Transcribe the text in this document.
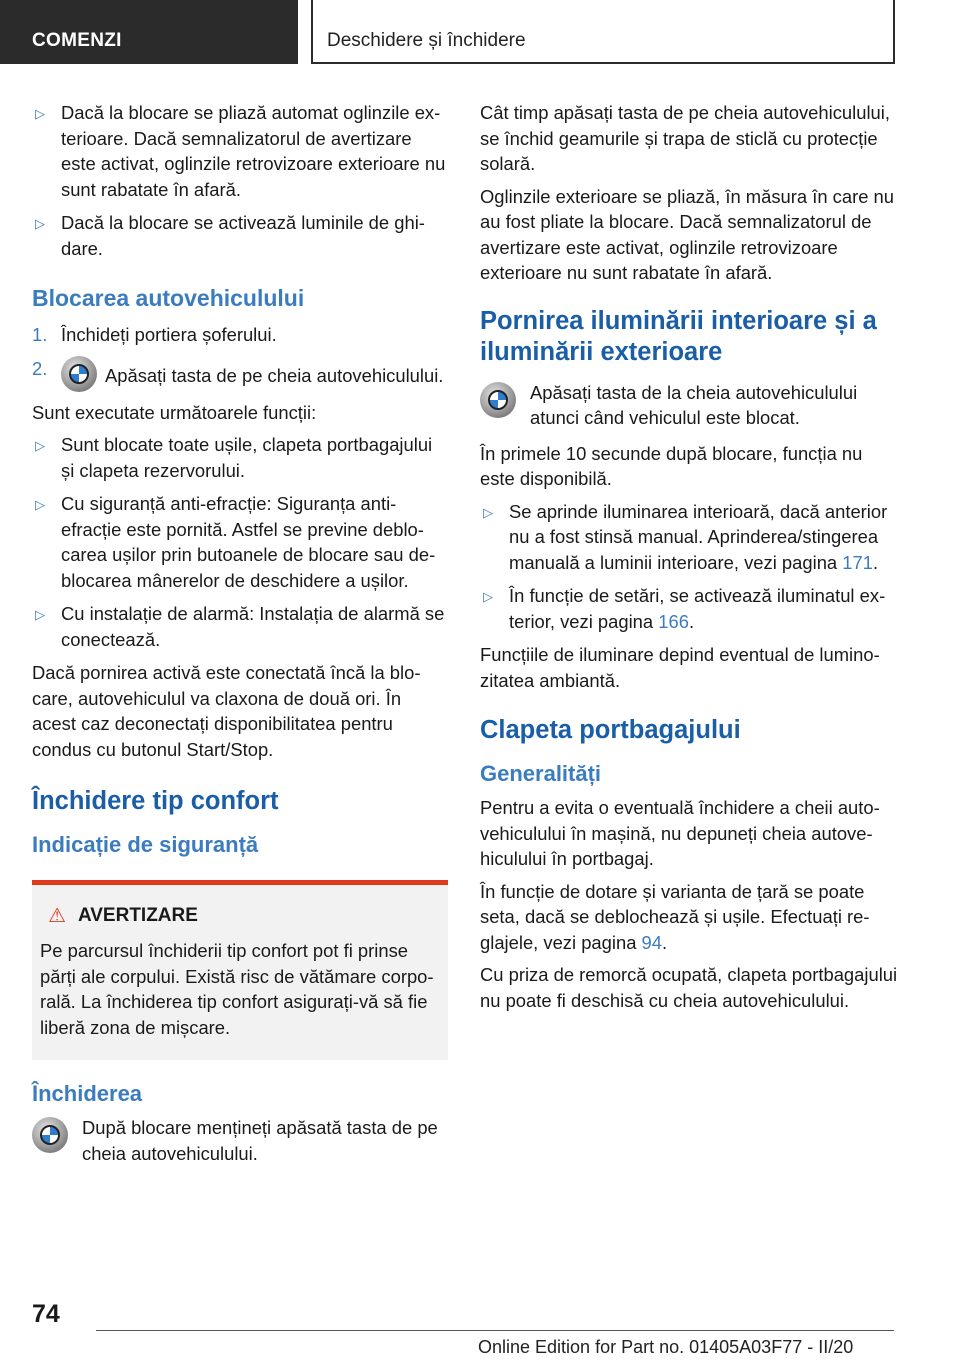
COMENZI	Deschidere și închidere
▷ Dacă la blocare se pliază automat oglinzile exterioare. Dacă semnalizatorul de avertizare este activat, oglinzile retrovizoare exterioare nu sunt rabatate în afară.
▷ Dacă la blocare se activează luminile de ghidare.
Blocarea autovehiculului
1. Închideți portiera șoferului.
2.	Apăsați tasta de pe cheia autovehiculului.

Sunt executate următoarele funcții:

▷ Sunt blocate toate ușile, clapeta portbagajului și clapeta rezervorului.
▷ Cu siguranță anti-efracție: Siguranța anti-efracție este pornită. Astfel se previne deblocarea ușilor prin butoanele de blocare sau deblocarea mânerelor de deschidere a ușilor.
▷ Cu instalație de alarmă: Instalația de alarmă se conectează.

Dacă pornirea activă este conectată încă la blocare, autovehiculul va claxona de două ori. În acest caz deconectați disponibilitatea pentru condus cu butonul Start/Stop.

Închidere tip confort
Indicație de siguranță
⚠ AVERTIZARE

Pe parcursul închiderii tip confort pot fi prinse părți ale corpului. Există risc de vătămare corporală. La închiderea tip confort asigurați-vă să fie liberă zona de mișcare.

Închiderea
După blocare mențineți apăsată tasta de pe cheia autovehiculului.

Cât timp apăsați tasta de pe cheia autovehiculului, se închid geamurile și trapa de sticlă cu protecție solară.

Oglinzile exterioare se pliază, în măsura în care nu au fost pliate la blocare. Dacă semnalizatorul de avertizare este activat, oglinzile retrovizoare exterioare nu sunt rabatate în afară.

Pornirea iluminării interioare și a iluminării exterioare
Apăsați tasta de la cheia autovehiculului atunci când vehiculul este blocat.

În primele 10 secunde după blocare, funcția nu este disponibilă.

▷ Se aprinde iluminarea interioară, dacă anterior nu a fost stinsă manual. Aprinderea/stingerea manuală a luminii interioare, vezi pagina 171.
▷ În funcție de setări, se activează iluminatul exterior, vezi pagina 166.

Funcțiile de iluminare depind eventual de luminozitatea ambiantă.

Clapeta portbagajului
Generalități

Pentru a evita o eventuală închidere a cheii autovehiculului în mașină, nu depuneți cheia autovehiculului în portbagaj.

În funcție de dotare și varianta de țară se poate seta, dacă se deblochează și ușile. Efectuați reglajele, vezi pagina 94.

Cu priza de remorcă ocupată, clapeta portbagajului nu poate fi deschisă cu cheia autovehiculului.

74
Online Edition for Part no. 01405A03F77 - II/20
